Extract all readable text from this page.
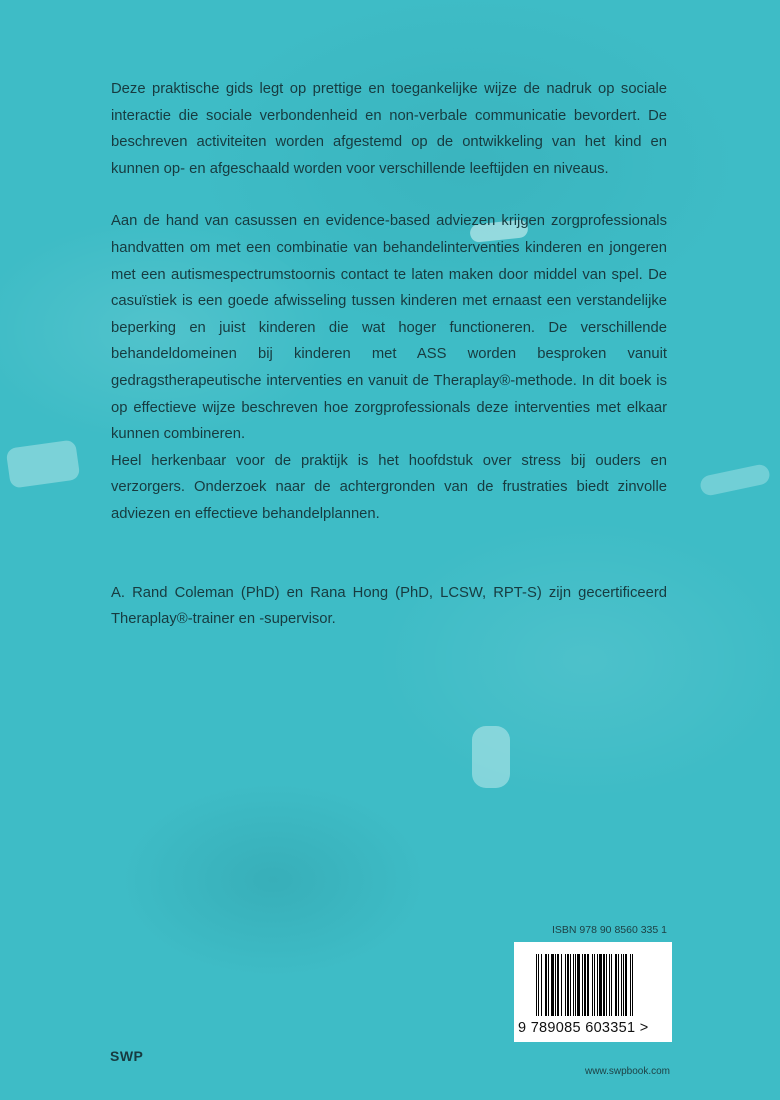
Deze praktische gids legt op prettige en toegankelijke wijze de nadruk op sociale interactie die sociale verbondenheid en non-verbale communicatie bevordert. De beschreven activiteiten worden afgestemd op de ontwikkeling van het kind en kunnen op- en afgeschaald worden voor verschillende leeftijden en niveaus.

Aan de hand van casussen en evidence-based adviezen krijgen zorgprofessionals handvatten om met een combinatie van behandelinterventies kinderen en jongeren met een autismespectrumstoornis contact te laten maken door middel van spel. De casuïstiek is een goede afwisseling tussen kinderen met ernaast een verstandelijke beperking en juist kinderen die wat hoger functioneren. De verschillende behandeldomeinen bij kinderen met ASS worden besproken vanuit gedragstherapeutische interventies en vanuit de Theraplay®-methode. In dit boek is op effectieve wijze beschreven hoe zorgprofessionals deze interventies met elkaar kunnen combineren.

Heel herkenbaar voor de praktijk is het hoofdstuk over stress bij ouders en verzorgers. Onderzoek naar de achtergronden van de frustraties biedt zinvolle adviezen en effectieve behandelplannen.

A. Rand Coleman (PhD) en Rana Hong (PhD, LCSW, RPT-S) zijn gecertificeerd Theraplay®-trainer en -supervisor.

ISBN 978 90 8560 335 1
9 789085 603351 >
www.swpbook.com
SWP
